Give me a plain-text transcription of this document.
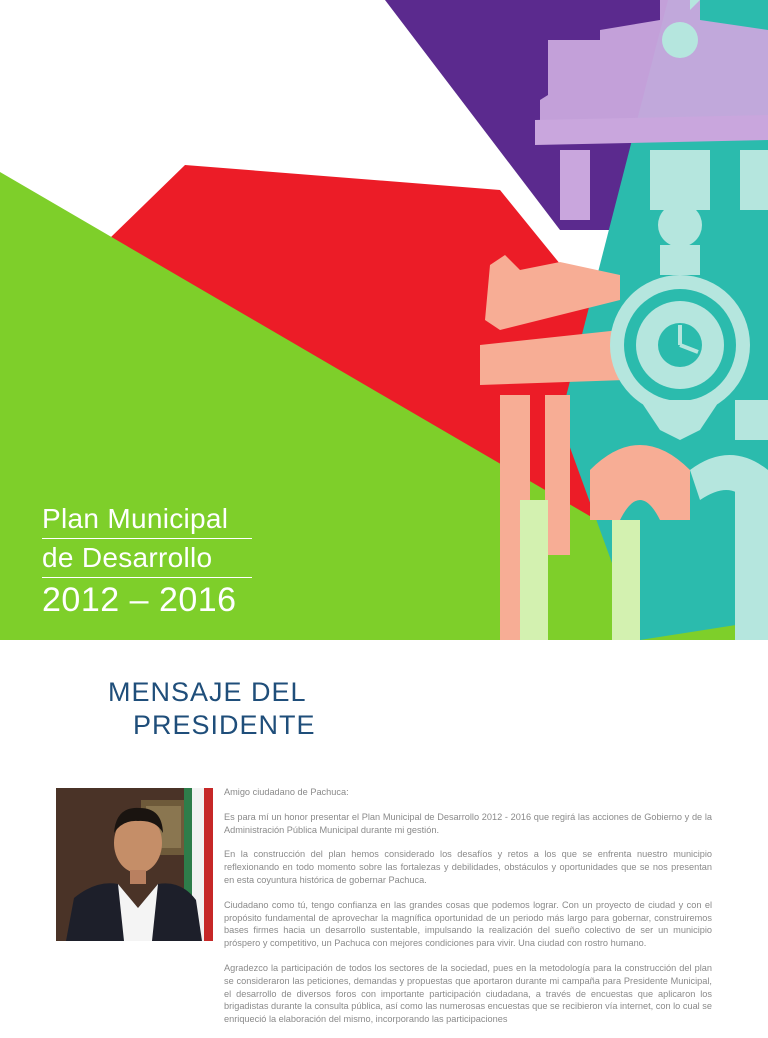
Plan Municipal
de Desarrollo
2012 – 2016
MENSAJE DEL
PRESIDENTE

Amigo ciudadano de Pachuca:

Es para mí un honor presentar el Plan Municipal de Desarrollo 2012 - 2016 que regirá las acciones de Gobierno y de la Administración Pública Municipal durante mi gestión.

En la construcción del plan hemos considerado los desafíos y retos a los que se enfrenta nuestro municipio reflexionando en todo momento sobre las fortalezas y debilidades, obstáculos y oportunidades que se nos presentan en esta coyuntura histórica de gobernar Pachuca.

Ciudadano como tú, tengo confianza en las grandes cosas que podemos lograr. Con un proyecto de ciudad y con el propósito fundamental de aprovechar la magnífica oportunidad de un periodo más largo para gobernar, construiremos bases firmes hacia un desarrollo sustentable, impulsando la realización del sueño colectivo de ser un municipio próspero y competitivo, un Pachuca con mejores condiciones para vivir. Una ciudad con rostro humano.

Agradezco la participación de todos los sectores de la sociedad, pues en la metodología para la construcción del plan se consideraron las peticiones, demandas y propuestas que aportaron durante mi campaña para Presidente Municipal, el desarrollo de diversos foros con importante participación ciudadana, a través de encuestas que aplicaron los brigadistas durante la consulta pública, así como las numerosas encuestas que se recibieron vía internet, con lo cual se enriqueció la elaboración del mismo, incorporando las participaciones
